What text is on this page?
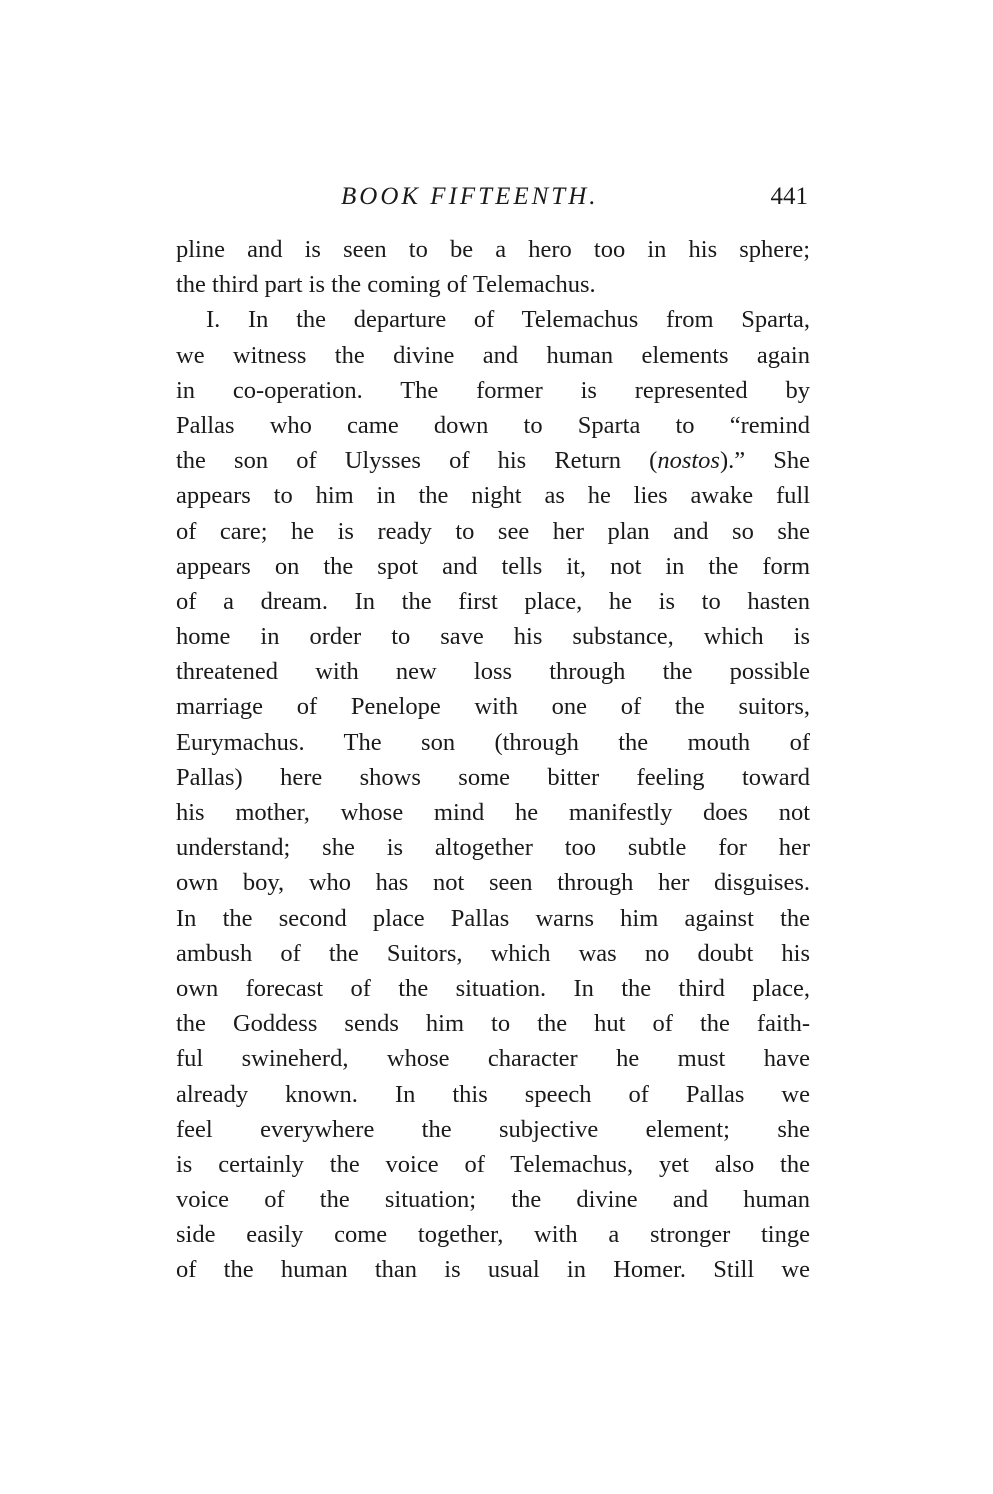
BOOK FIFTEENTH.	441
pline and is seen to be a hero too in his sphere;
the third part is the coming of Telemachus.
I. In the departure of Telemachus from Sparta,
we witness the divine and human elements again
in co-operation. The former is represented by
Pallas who came down to Sparta to “remind
the son of Ulysses of his Return (nostos).” She
appears to him in the night as he lies awake full
of care; he is ready to see her plan and so she
appears on the spot and tells it, not in the form
of a dream. In the first place, he is to hasten
home in order to save his substance, which is
threatened with new loss through the possible
marriage of Penelope with one of the suitors,
Eurymachus. The son (through the mouth of
Pallas) here shows some bitter feeling toward
his mother, whose mind he manifestly does not
understand; she is altogether too subtle for her
own boy, who has not seen through her disguises.
In the second place Pallas warns him against the
ambush of the Suitors, which was no doubt his
own forecast of the situation. In the third place,
the Goddess sends him to the hut of the faith-
ful swineherd, whose character he must have
already known. In this speech of Pallas we
feel everywhere the subjective element; she
is certainly the voice of Telemachus, yet also the
voice of the situation; the divine and human
side easily come together, with a stronger tinge
of the human than is usual in Homer. Still we
